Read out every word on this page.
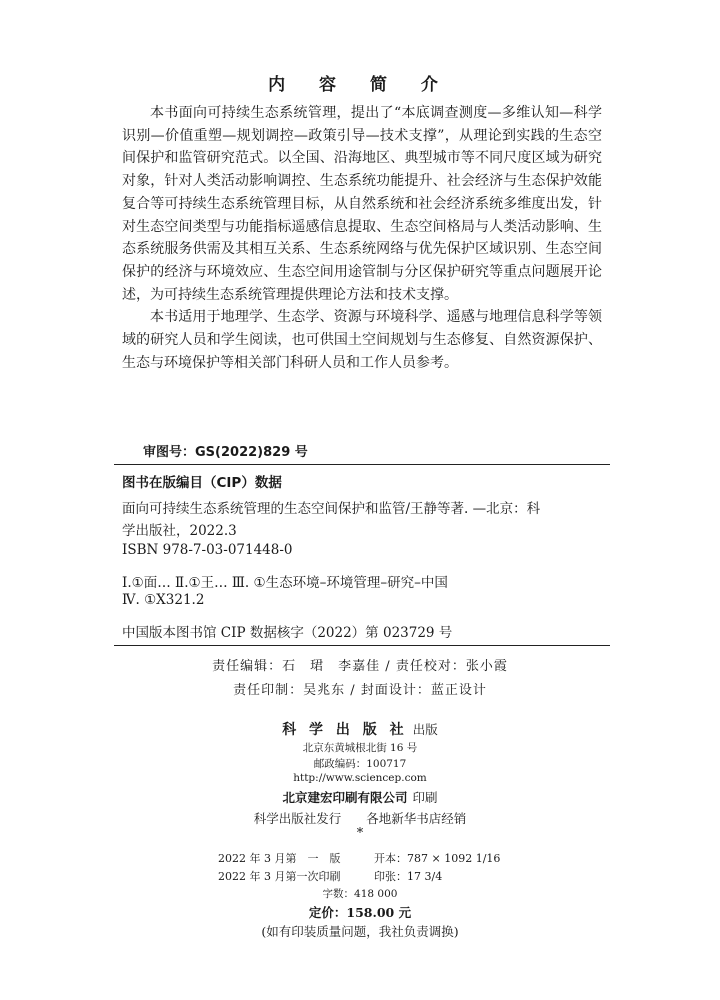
内 容 简 介

本书面向可持续生态系统管理，提出了“本底调查测度—多维认知—科学识别—价值重塑—规划调控—政策引导—技术支撑”，从理论到实践的生态空间保护和监管研究范式。以全国、沿海地区、典型城市等不同尺度区域为研究对象，针对人类活动影响调控、生态系统功能提升、社会经济与生态保护效能复合等可持续生态系统管理目标，从自然系统和社会经济系统多维度出发，针对生态空间类型与功能指标遥感信息提取、生态空间格局与人类活动影响、生态系统服务供需及其相互关系、生态系统网络与优先保护区域识别、生态空间保护的经济与环境效应、生态空间用途管制与分区保护研究等重点问题展开论述，为可持续生态系统管理提供理论方法和技术支撑。

本书适用于地理学、生态学、资源与环境科学、遥感与地理信息科学等领域的研究人员和学生阅读，也可供国土空间规划与生态修复、自然资源保护、生态与环境保护等相关部门科研人员和工作人员参考。

审图号：GS(2022)829 号
图书在版编目（CIP）数据
面向可持续生态系统管理的生态空间保护和监管/王静等著. —北京：科
学出版社，2022.3
ISBN 978-7-03-071448-0
Ⅰ.①面… Ⅱ.①王… Ⅲ. ①生态环境–环境管理–研究–中国
Ⅳ. ①X321.2
中国版本图书馆 CIP 数据核字（2022）第 023729 号
责任编辑：石　珺　李嘉佳 / 责任校对：张小霞
责任印制：吴兆东 / 封面设计：蓝正设计
科 学 出 版 社 出版
北京东黄城根北街 16 号
邮政编码：100717
http://www.sciencep.com
北京建宏印刷有限公司 印刷
科学出版社发行　　 各地新华书店经销
*
2022 年 3 月第　一　版	开本：787 × 1092 1/16
2022 年 3 月第一次印刷	印张：17 3/4
字数：418 000
定价：158.00 元
(如有印装质量问题，我社负责调换)
